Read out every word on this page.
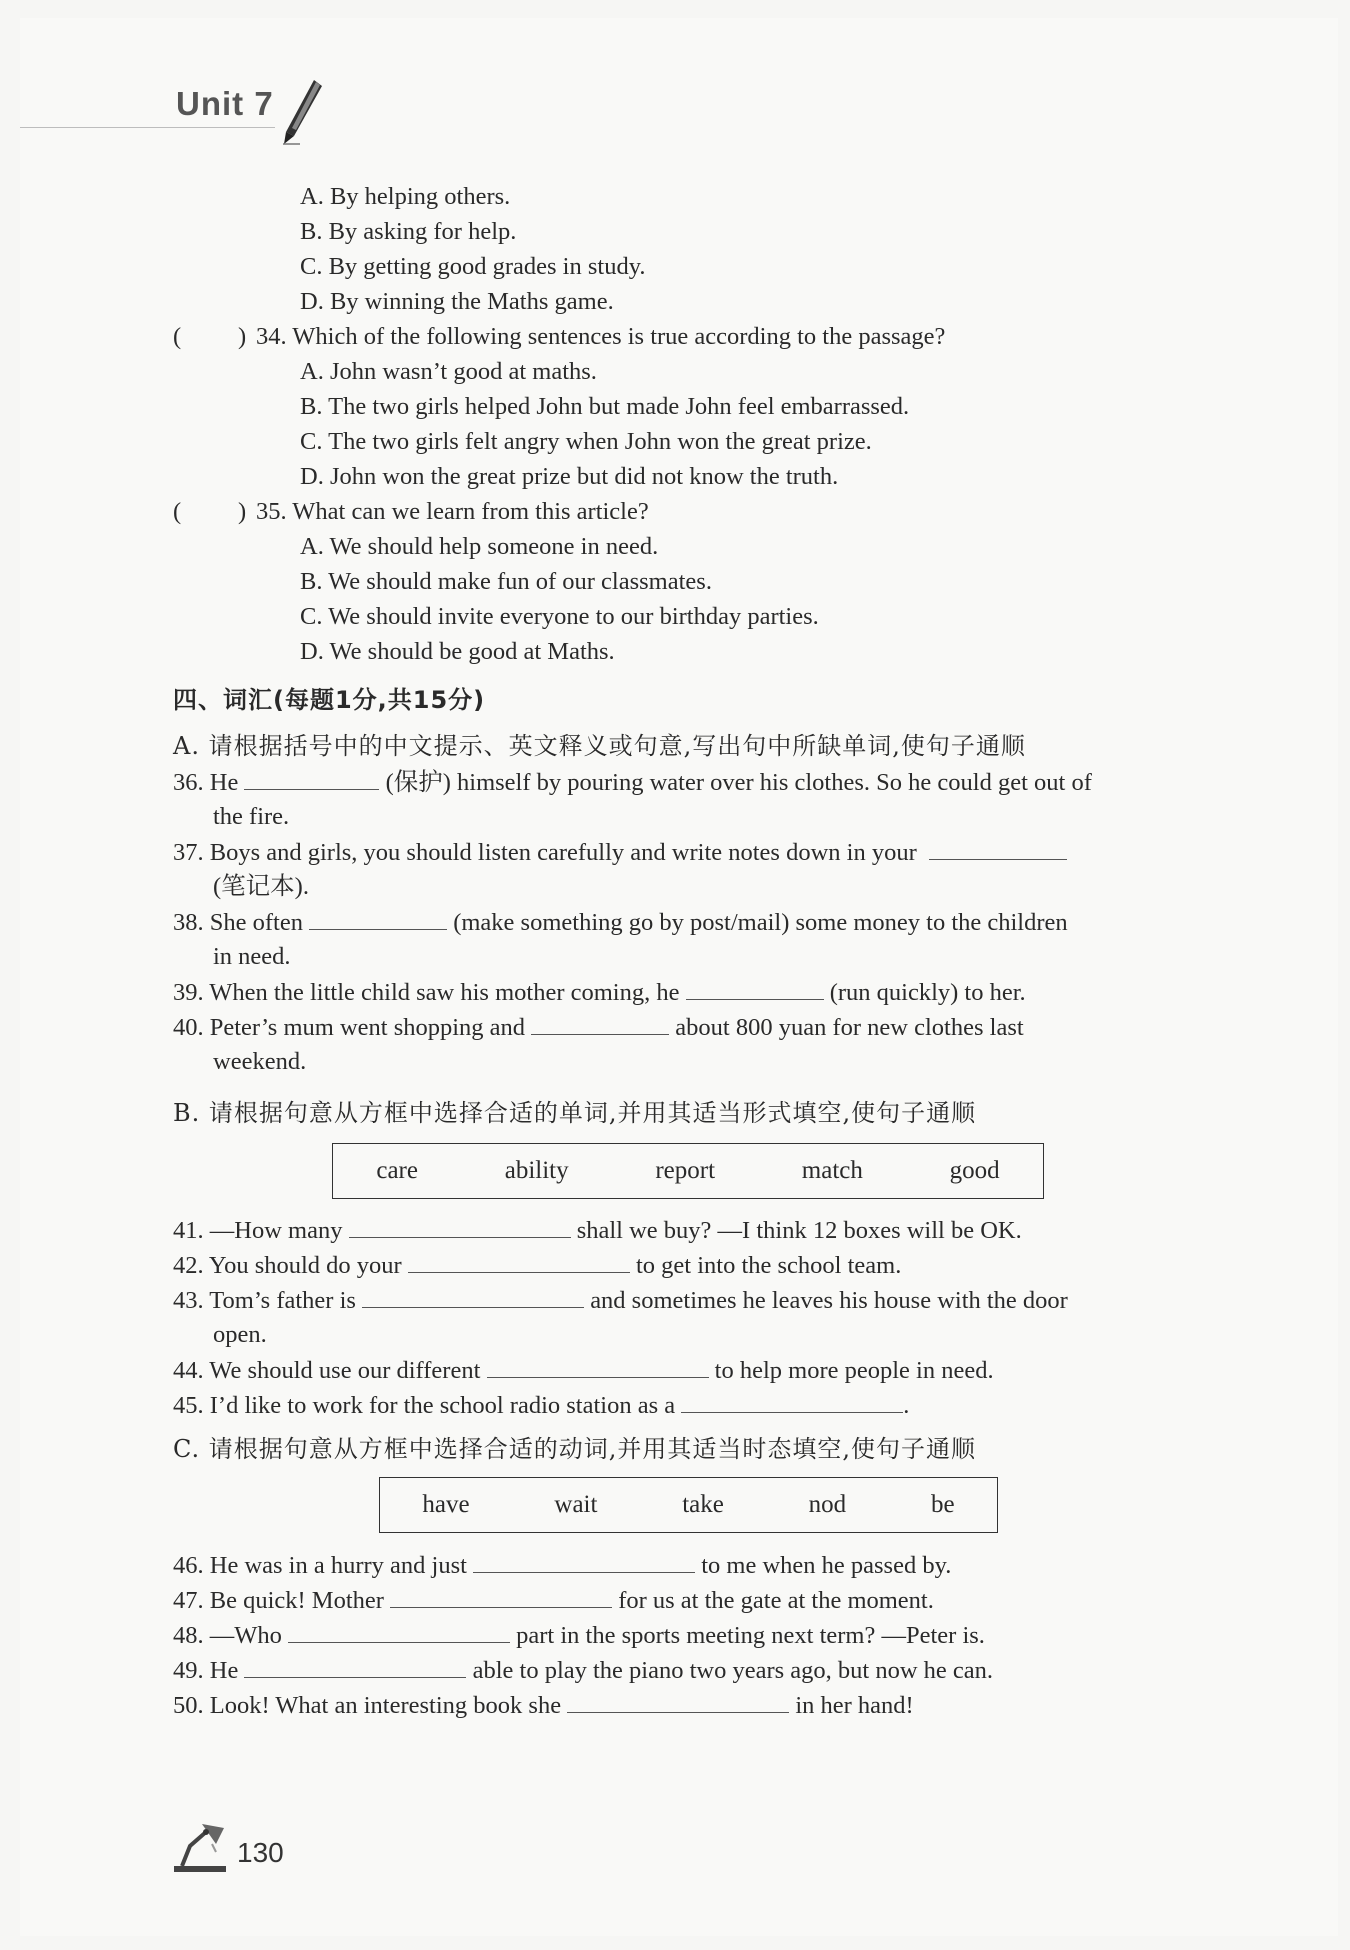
Unit 7
A. By helping others.
B. By asking for help.
C. By getting good grades in study.
D. By winning the Maths game.
( ) 34. Which of the following sentences is true according to the passage?
A. John wasn’t good at maths.
B. The two girls helped John but made John feel embarrassed.
C. The two girls felt angry when John won the great prize.
D. John won the great prize but did not know the truth.
( ) 35. What can we learn from this article?
A. We should help someone in need.
B. We should make fun of our classmates.
C. We should invite everyone to our birthday parties.
D. We should be good at Maths.
四、词汇(每题1分,共15分)
A. 请根据括号中的中文提示、英文释义或句意,写出句中所缺单词,使句子通顺
36. He	(保护) himself by pouring water over his clothes. So he could get out of
the fire.
37. Boys and girls, you should listen carefully and write notes down in your
(笔记本).
38. She often	(make something go by post/mail) some money to the children
in need.
39. When the little child saw his mother coming, he	(run quickly) to her.
40. Peter’s mum went shopping and	about 800 yuan for new clothes last
weekend.
B. 请根据句意从方框中选择合适的单词,并用其适当形式填空,使句子通顺
care	ability	report	match	good
41. —How many	shall we buy? —I think 12 boxes will be OK.
42. You should do your	to get into the school team.
43. Tom’s father is	and sometimes he leaves his house with the door
open.
44. We should use our different	to help more people in need.
45. I’d like to work for the school radio station as a	.
C. 请根据句意从方框中选择合适的动词,并用其适当时态填空,使句子通顺
have	wait	take	nod	be
46. He was in a hurry and just	to me when he passed by.
47. Be quick! Mother	for us at the gate at the moment.
48. —Who	part in the sports meeting next term? —Peter is.
49. He	able to play the piano two years ago, but now he can.
50. Look! What an interesting book she	in her hand!
130
